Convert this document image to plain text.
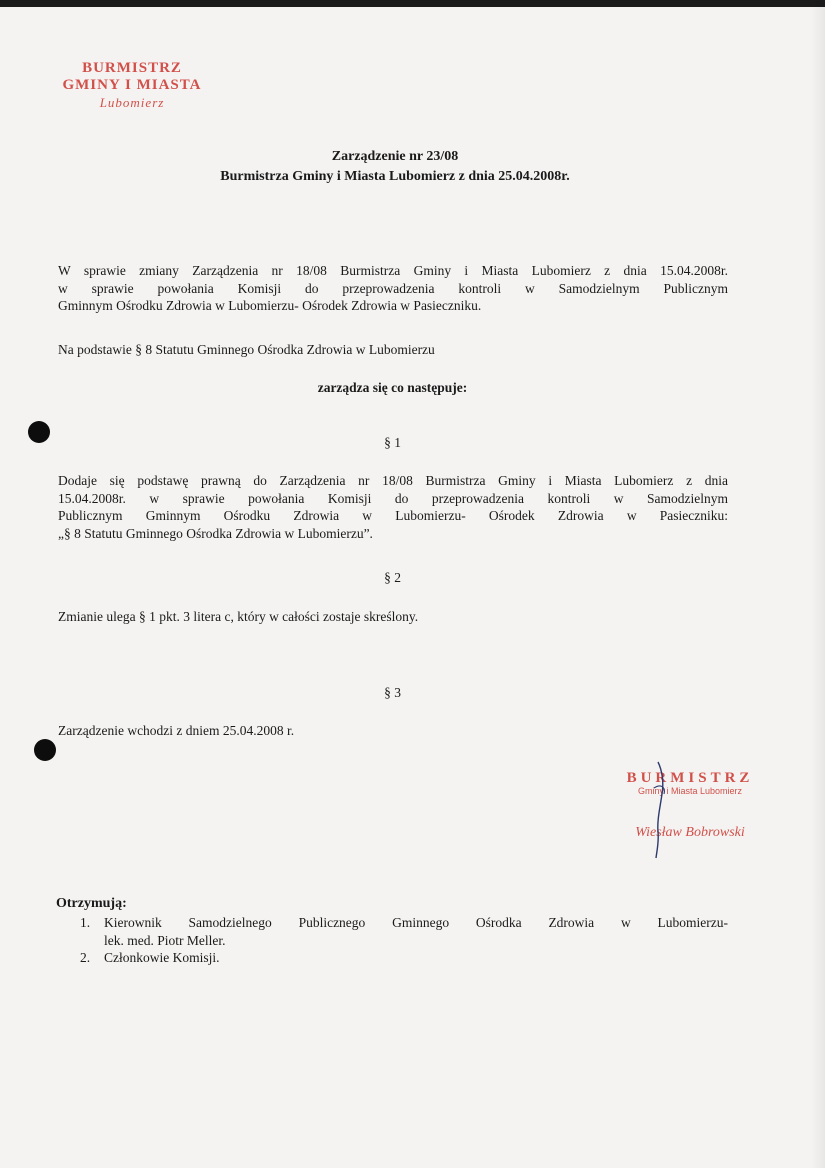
BURMISTRZ
GMINY I MIASTA
Lubomierz
Zarządzenie nr 23/08
Burmistrza Gminy i Miasta Lubomierz z dnia 25.04.2008r.
W sprawie zmiany Zarządzenia nr 18/08 Burmistrza Gminy i Miasta Lubomierz z dnia 15.04.2008r.
w sprawie powołania Komisji do przeprowadzenia kontroli w Samodzielnym Publicznym
Gminnym Ośrodku Zdrowia w Lubomierzu- Ośrodek Zdrowia w Pasieczniku.
Na podstawie § 8 Statutu Gminnego Ośrodka Zdrowia w Lubomierzu
zarządza się co następuje:
§ 1
Dodaje się podstawę prawną do Zarządzenia nr 18/08 Burmistrza Gminy i Miasta Lubomierz z dnia
15.04.2008r. w sprawie powołania Komisji do przeprowadzenia kontroli w Samodzielnym
Publicznym Gminnym Ośrodku Zdrowia w Lubomierzu- Ośrodek Zdrowia w Pasieczniku:
„§ 8 Statutu Gminnego Ośrodka Zdrowia w Lubomierzu”.
§ 2
Zmianie ulega § 1 pkt. 3 litera c, który w całości zostaje skreślony.
§ 3
Zarządzenie wchodzi z dniem 25.04.2008 r.
BURMISTRZ
Gminy i Miasta Lubomierz
Wiesław Bobrowski
Otrzymują:
1. Kierownik Samodzielnego Publicznego Gminnego Ośrodka Zdrowia w Lubomierzu-
lek. med. Piotr Meller.
2. Członkowie Komisji.
